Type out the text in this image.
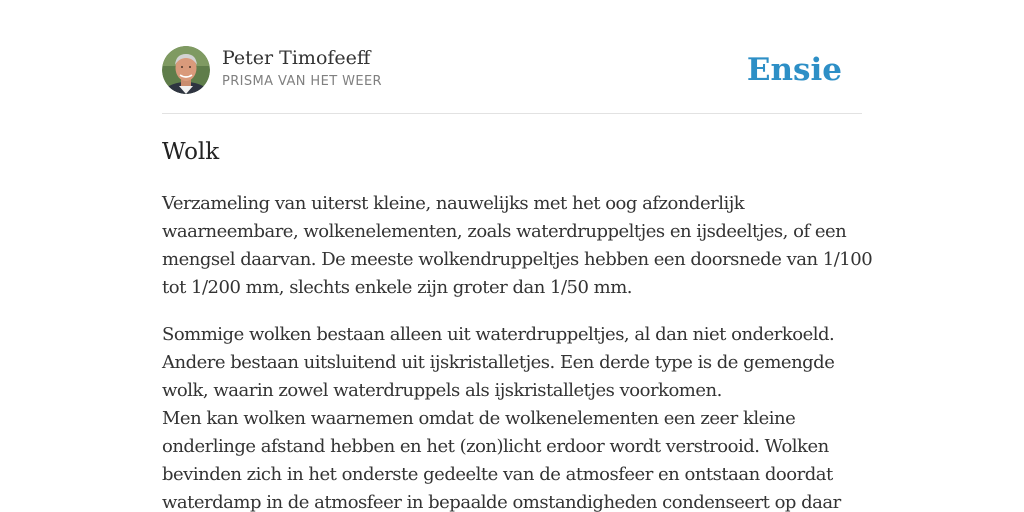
Peter Timofeeff
PRISMA VAN HET WEER	Ensie
Wolk
Verzameling van uiterst kleine, nauwelijks met het oog afzonderlijk
waarneembare, wolkenelementen, zoals waterdruppeltjes en ijsdeeltjes, of een
mengsel daarvan. De meeste wolkendruppeltjes hebben een doorsnede van 1/100
tot 1/200 mm, slechts enkele zijn groter dan 1/50 mm.
Sommige wolken bestaan alleen uit waterdruppeltjes, al dan niet onderkoeld.
Andere bestaan uitsluitend uit ijskristalletjes. Een derde type is de gemengde
wolk, waarin zowel waterdruppels als ijskristalletjes voorkomen.
Men kan wolken waarnemen omdat de wolkenelementen een zeer kleine
onderlinge afstand hebben en het (zon)licht erdoor wordt verstrooid. Wolken
bevinden zich in het onderste gedeelte van de atmosfeer en ontstaan doordat
waterdamp in de atmosfeer in bepaalde omstandigheden condenseert op daar
